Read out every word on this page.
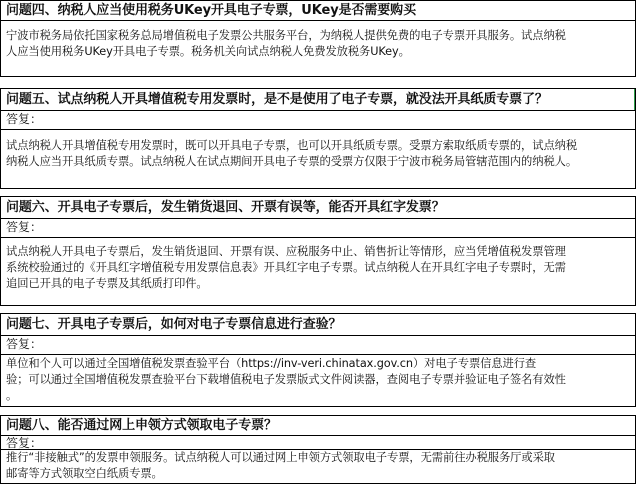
问题四、纳税人应当使用税务UKey开具电子专票，UKey是否需要购买
宁波市税务局依托国家税务总局增值税电子发票公共服务平台，为纳税人提供免费的电子专票开具服务。试点纳税
人应当使用税务UKey开具电子专票。税务机关向试点纳税人免费发放税务UKey。
问题五、试点纳税人开具增值税专用发票时，是不是使用了电子专票，就没法开具纸质专票了？
答复：
试点纳税人开具增值税专用发票时，既可以开具电子专票，也可以开具纸质专票。受票方索取纸质专票的，试点纳税
纳税人应当开具纸质专票。试点纳税人在试点期间开具电子专票的受票方仅限于宁波市税务局管辖范围内的纳税人。
问题六、开具电子专票后，发生销货退回、开票有误等，能否开具红字发票？
答复：
试点纳税人开具电子专票后，发生销货退回、开票有误、应税服务中止、销售折让等情形，应当凭增值税发票管理
系统校验通过的《开具红字增值税专用发票信息表》开具红字电子专票。试点纳税人在开具红字电子专票时，无需
追回已开具的电子专票及其纸质打印件。
问题七、开具电子专票后，如何对电子专票信息进行查验？
答复：
单位和个人可以通过全国增值税发票查验平台（https://inv-veri.chinatax.gov.cn）对电子专票信息进行查
验；可以通过全国增值税发票查验平台下载增值税电子发票版式文件阅读器，查阅电子专票并验证电子签名有效性
。
问题八、能否通过网上申领方式领取电子专票？
答复：
推行“非接触式”的发票申领服务。试点纳税人可以通过网上申领方式领取电子专票，无需前往办税服务厅或采取
邮寄等方式领取空白纸质专票。
